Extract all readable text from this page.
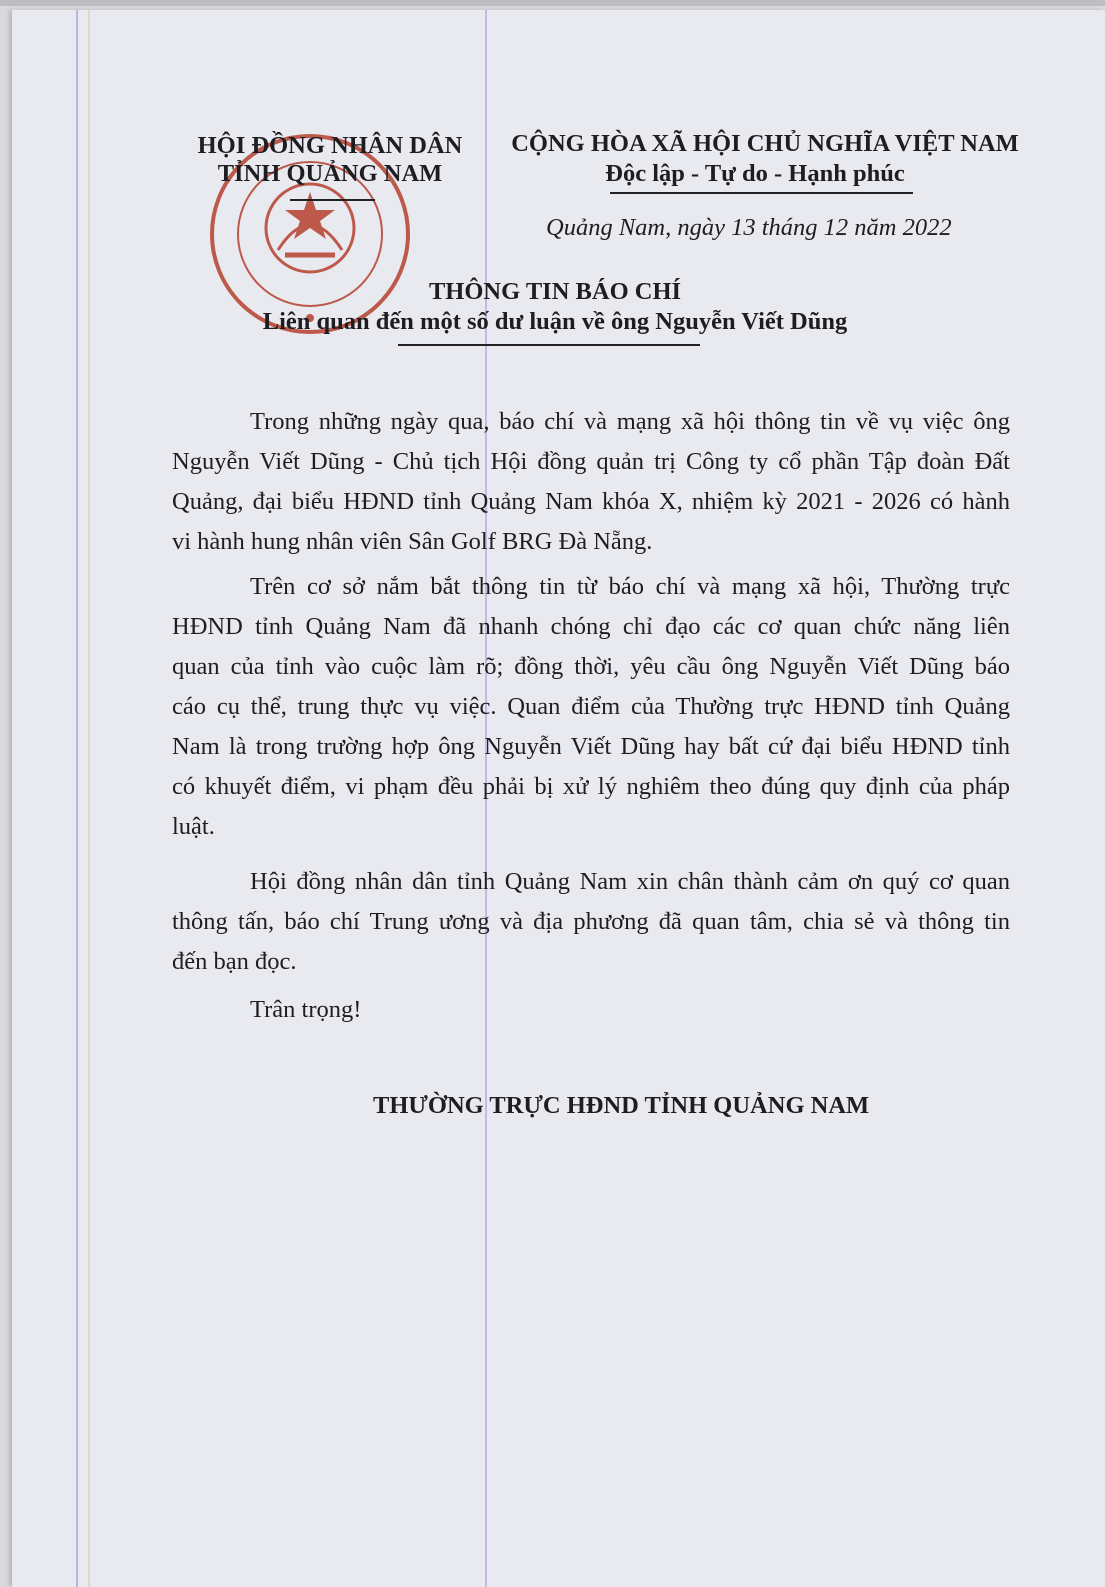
HỘI ĐỒNG NHÂN DÂN
TỈNH QUẢNG NAM
CỘNG HÒA XÃ HỘI CHỦ NGHĨA VIỆT NAM
Độc lập - Tự do - Hạnh phúc
Quảng Nam, ngày 13 tháng 12 năm 2022
THÔNG TIN BÁO CHÍ
Liên quan đến một số dư luận về ông Nguyễn Viết Dũng
Trong những ngày qua, báo chí và mạng xã hội thông tin về vụ việc ông
Nguyễn Viết Dũng - Chủ tịch Hội đồng quản trị Công ty cổ phần Tập đoàn Đất
Quảng, đại biểu HĐND tỉnh Quảng Nam khóa X, nhiệm kỳ 2021 - 2026 có hành
vi hành hung nhân viên Sân Golf BRG Đà Nẵng.
Trên cơ sở nắm bắt thông tin từ báo chí và mạng xã hội, Thường trực
HĐND tỉnh Quảng Nam đã nhanh chóng chỉ đạo các cơ quan chức năng liên
quan của tỉnh vào cuộc làm rõ; đồng thời, yêu cầu ông Nguyễn Viết Dũng báo
cáo cụ thể, trung thực vụ việc. Quan điểm của Thường trực HĐND tỉnh Quảng
Nam là trong trường hợp ông Nguyễn Viết Dũng hay bất cứ đại biểu HĐND tỉnh
có khuyết điểm, vi phạm đều phải bị xử lý nghiêm theo đúng quy định của pháp
luật.
Hội đồng nhân dân tỉnh Quảng Nam xin chân thành cảm ơn quý cơ quan
thông tấn, báo chí Trung ương và địa phương đã quan tâm, chia sẻ và thông tin
đến bạn đọc.
Trân trọng!
THƯỜNG TRỰC HĐND TỈNH QUẢNG NAM
